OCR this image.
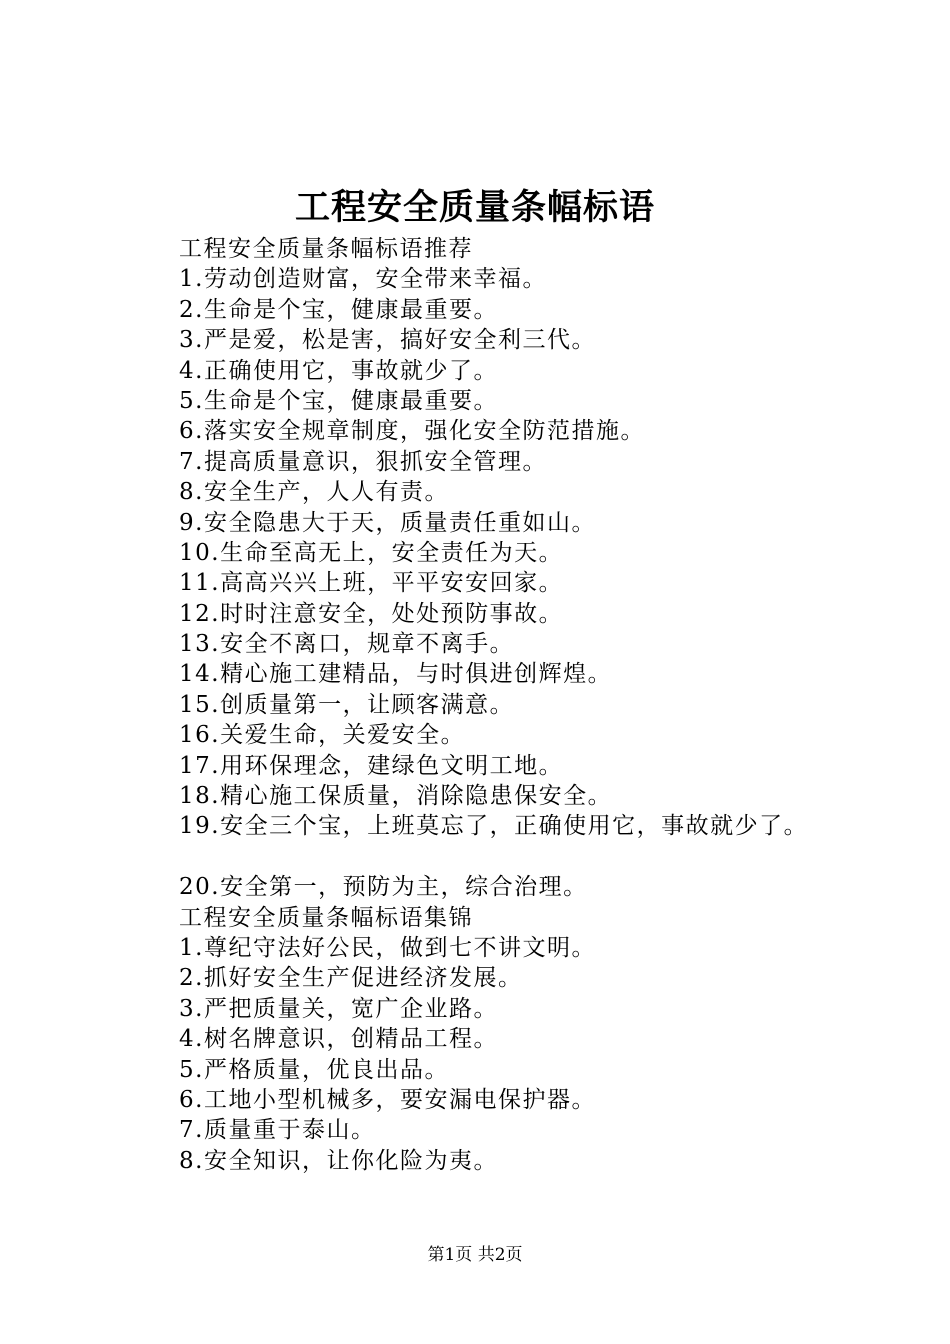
工程安全质量条幅标语
工程安全质量条幅标语推荐
1.劳动创造财富，安全带来幸福。
2.生命是个宝，健康最重要。
3.严是爱，松是害，搞好安全利三代。
4.正确使用它，事故就少了。
5.生命是个宝，健康最重要。
6.落实安全规章制度，强化安全防范措施。
7.提高质量意识，狠抓安全管理。
8.安全生产，人人有责。
9.安全隐患大于天，质量责任重如山。
10.生命至高无上，安全责任为天。
11.高高兴兴上班，平平安安回家。
12.时时注意安全，处处预防事故。
13.安全不离口，规章不离手。
14.精心施工建精品，与时俱进创辉煌。
15.创质量第一，让顾客满意。
16.关爱生命，关爱安全。
17.用环保理念，建绿色文明工地。
18.精心施工保质量，消除隐患保安全。
19.安全三个宝，上班莫忘了，正确使用它，事故就少了。
20.安全第一，预防为主，综合治理。
工程安全质量条幅标语集锦
1.尊纪守法好公民，做到七不讲文明。
2.抓好安全生产促进经济发展。
3.严把质量关，宽广企业路。
4.树名牌意识，创精品工程。
5.严格质量，优良出品。
6.工地小型机械多，要安漏电保护器。
7.质量重于泰山。
8.安全知识，让你化险为夷。
第1页 共2页
